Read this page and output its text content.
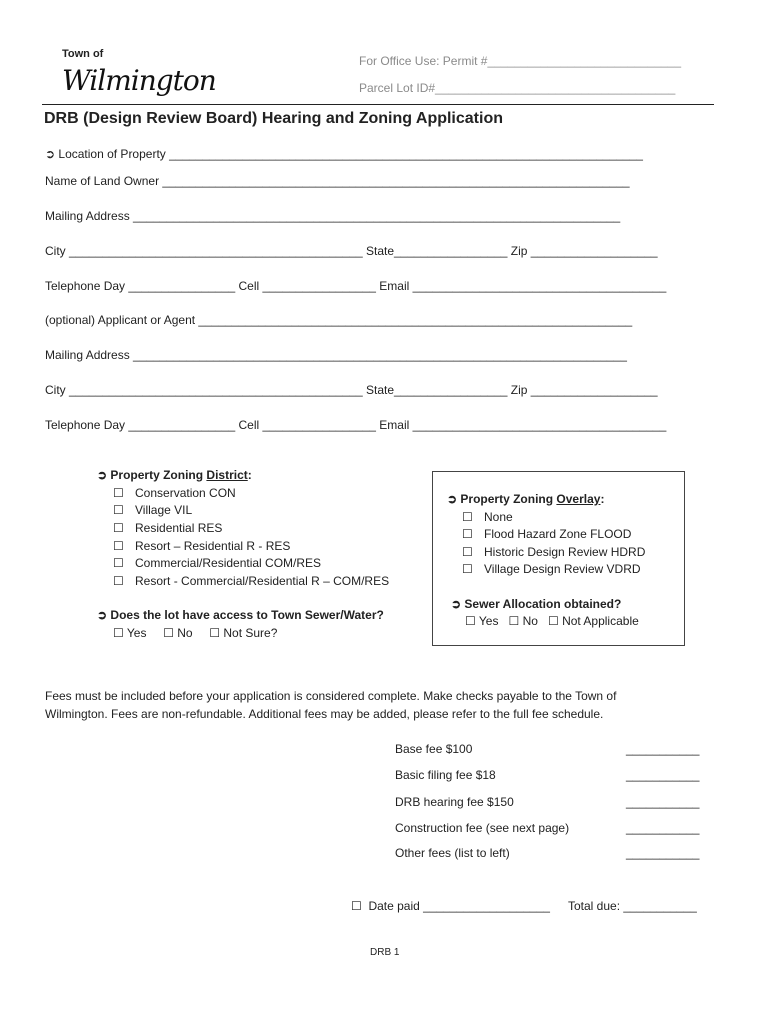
Town of
Wilmington
For Office Use: Permit #_____________________________
Parcel Lot ID#____________________________________
DRB (Design Review Board) Hearing and Zoning Application
➲ Location of Property _______________________________________________________________________
Name of Land Owner ______________________________________________________________________
Mailing Address _________________________________________________________________________
City ____________________________________________ State_________________ Zip ___________________
Telephone Day ________________ Cell _________________ Email ______________________________________
(optional) Applicant or Agent _________________________________________________________________
Mailing Address __________________________________________________________________________
City ____________________________________________ State_________________ Zip ___________________
Telephone Day ________________ Cell _________________ Email ______________________________________
➲ Property Zoning District:
☐ Conservation CON
☐ Village VIL
☐ Residential RES
☐ Resort – Residential R - RES
☐ Commercial/Residential COM/RES
☐ Resort - Commercial/Residential R – COM/RES
➲ Does the lot have access to Town Sewer/Water?
☐ Yes ☐ No ☐ Not Sure?
➲ Property Zoning Overlay:
☐ None
☐ Flood Hazard Zone FLOOD
☐ Historic Design Review HDRD
☐ Village Design Review VDRD
➲ Sewer Allocation obtained?
☐ Yes ☐ No ☐ Not Applicable
Fees must be included before your application is considered complete. Make checks payable to the Town of
Wilmington. Fees are non-refundable. Additional fees may be added, please refer to the full fee schedule.
Base fee $100	___________
Basic filing fee $18	___________
DRB hearing fee $150	___________
Construction fee (see next page)	___________
Other fees (list to left)	___________
☐ Date paid ___________________ Total due: ___________
DRB 1
